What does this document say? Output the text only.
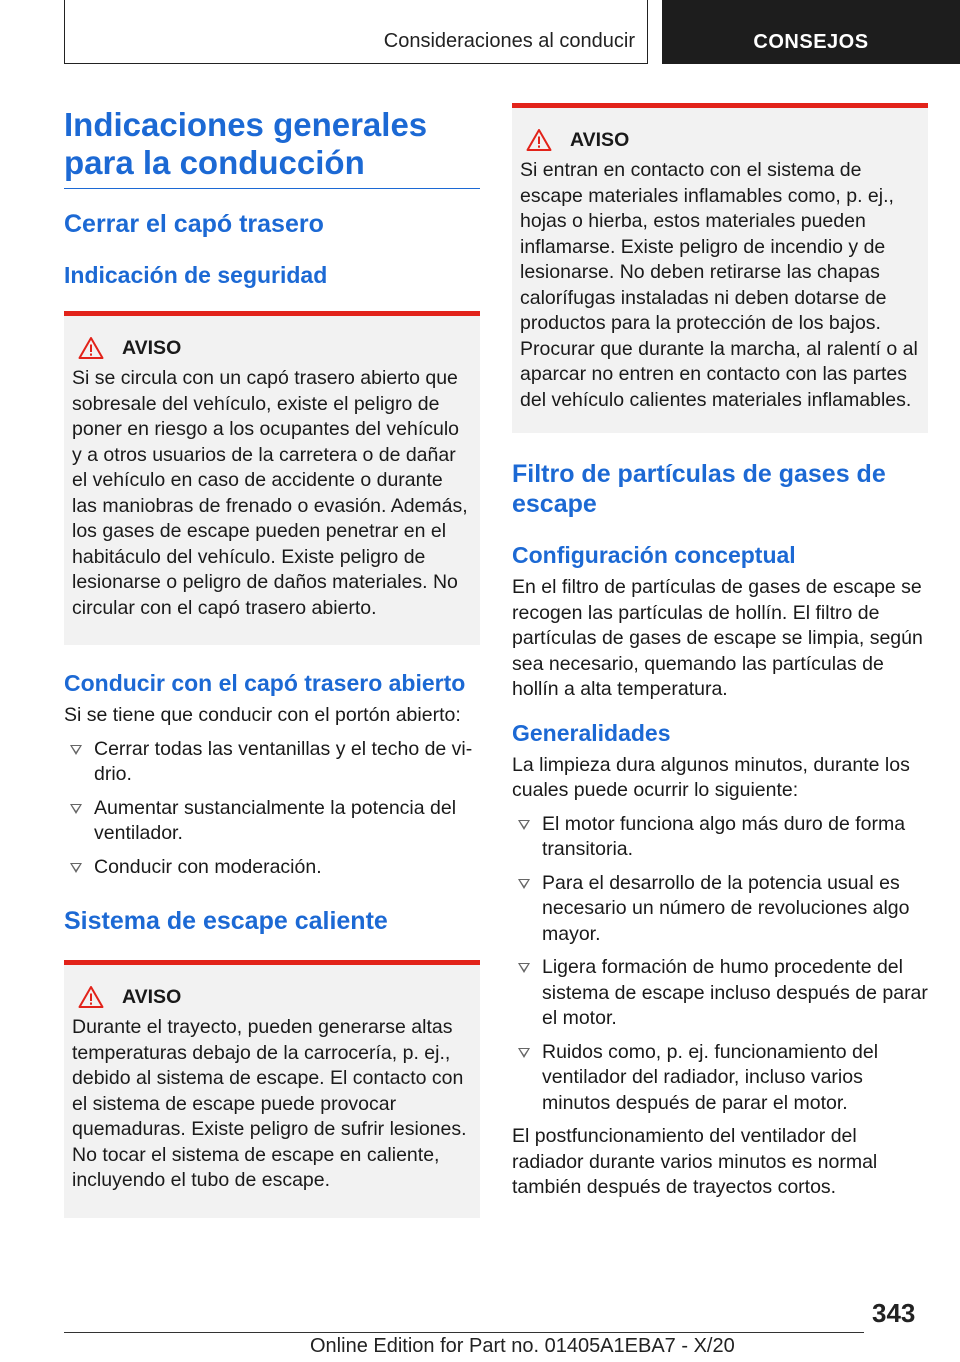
Consideraciones al conducir	CONSEJOS
Indicaciones generales para la conducción
Cerrar el capó trasero
Indicación de seguridad
AVISO

Si se circula con un capó trasero abierto que sobresale del vehículo, existe el peligro de poner en riesgo a los ocupantes del vehículo y a otros usuarios de la carretera o de dañar el vehículo en caso de accidente o durante las maniobras de frenado o evasión. Además, los gases de escape pueden penetrar en el habitáculo del vehículo. Existe peligro de lesionarse o peligro de daños materiales. No circular con el capó trasero abierto.

Conducir con el capó trasero abierto

Si se tiene que conducir con el portón abierto:

Cerrar todas las ventanillas y el techo de vidrio.
Aumentar sustancialmente la potencia del ventilador.
Conducir con moderación.
Sistema de escape caliente
AVISO

Durante el trayecto, pueden generarse altas temperaturas debajo de la carrocería, p. ej., debido al sistema de escape. El contacto con el sistema de escape puede provocar quemaduras. Existe peligro de sufrir lesiones. No tocar el sistema de escape en caliente, incluyendo el tubo de escape.

AVISO

Si entran en contacto con el sistema de escape materiales inflamables como, p. ej., hojas o hierba, estos materiales pueden inflamarse. Existe peligro de incendio y de lesionarse. No deben retirarse las chapas calorífugas instaladas ni deben dotarse de productos para la protección de los bajos. Procurar que durante la marcha, al ralentí o al aparcar no entren en contacto con las partes del vehículo calientes materiales inflamables.

Filtro de partículas de gases de escape
Configuración conceptual

En el filtro de partículas de gases de escape se recogen las partículas de hollín. El filtro de partículas de gases de escape se limpia, según sea necesario, quemando las partículas de hollín a alta temperatura.

Generalidades

La limpieza dura algunos minutos, durante los cuales puede ocurrir lo siguiente:

El motor funciona algo más duro de forma transitoria.
Para el desarrollo de la potencia usual es necesario un número de revoluciones algo mayor.
Ligera formación de humo procedente del sistema de escape incluso después de parar el motor.
Ruidos como, p. ej. funcionamiento del ventilador del radiador, incluso varios minutos después de parar el motor.

El postfuncionamiento del ventilador del radiador durante varios minutos es normal también después de trayectos cortos.

343
Online Edition for Part no. 01405A1EBA7 - X/20
